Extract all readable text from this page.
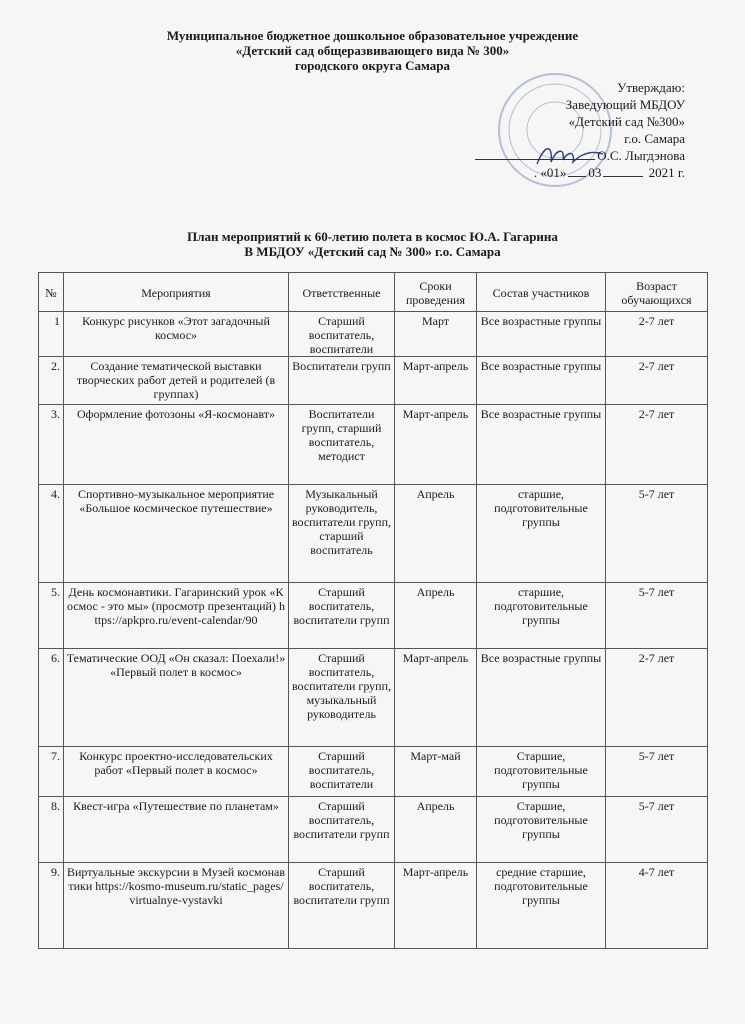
Муниципальное бюджетное дошкольное образовательное учреждение
«Детский сад общеразвивающего вида № 300»
городского округа Самара
Утверждаю:
Заведующий МБДОУ
«Детский сад №300»
г.о. Самара
О.С. Лыгдэнова
. «01» 03	2021 г.
План мероприятий к 60-летию полета в космос Ю.А. Гагарина
В МБДОУ «Детский сад № 300» г.о. Самара
№	Мероприятия	Ответственные	Сроки проведения	Состав участников	Возраст обучающихся
1	Конкурс рисунков «Этот загадочный космос»	Старший воспитатель, воспитатели	Март	Все возрастные группы	2-7 лет
2.	Создание тематической выставки творческих работ детей и родителей (в группах)	Воспитатели групп	Март-апрель	Все возрастные группы	2-7 лет
3.	Оформление фотозоны «Я-космонавт»	Воспитатели групп, старший воспитатель, методист	Март-апрель	Все возрастные группы	2-7 лет
4.	Спортивно-музыкальное мероприятие «Большое космическое путешествие»	Музыкальный руководитель, воспитатели групп, старший воспитатель	Апрель	старшие, подготовительные группы	5-7 лет
5.	День космонавтики. Гагаринский урок «Космос - это мы» (просмотр презентаций) https://apkpro.ru/event-calendar/90	Старший воспитатель, воспитатели групп	Апрель	старшие, подготовительные группы	5-7 лет
6.	Тематические ООД «Он сказал: Поехали!» «Первый полет в космос»	Старший воспитатель, воспитатели групп, музыкальный руководитель	Март-апрель	Все возрастные группы	2-7 лет
7.	Конкурс проектно-исследовательских работ «Первый полет в космос»	Старший воспитатель, воспитатели	Март-май	Старшие, подготовительные группы	5-7 лет
8.	Квест-игра «Путешествие по планетам»	Старший воспитатель, воспитатели групп	Апрель	Старшие, подготовительные группы	5-7 лет
9.	Виртуальные экскурсии в Музей космонавтики https://kosmo-museum.ru/static_pages/virtualnye-vystavki	Старший воспитатель, воспитатели групп	Март-апрель	средние старшие, подготовительные группы	4-7 лет
